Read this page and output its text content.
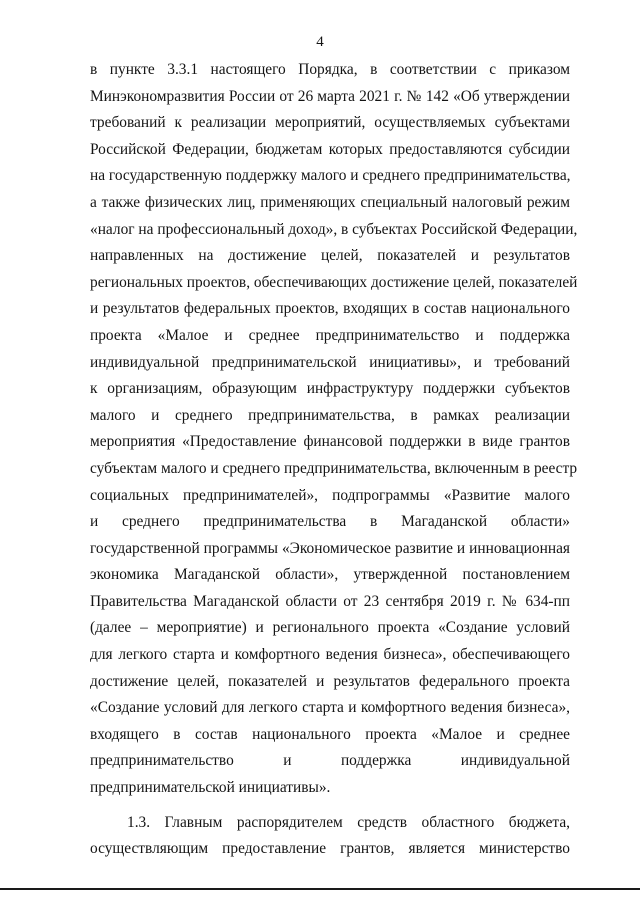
4
в пункте 3.3.1 настоящего Порядка, в соответствии с приказом
Минэкономразвития России от 26 марта 2021 г. № 142 «Об утверждении
требований к реализации мероприятий, осуществляемых субъектами
Российской Федерации, бюджетам которых предоставляются субсидии
на государственную поддержку малого и среднего предпринимательства,
а также физических лиц, применяющих специальный налоговый режим
«налог на профессиональный доход», в субъектах Российской Федерации,
направленных на достижение целей, показателей и результатов
региональных проектов, обеспечивающих достижение целей, показателей
и результатов федеральных проектов, входящих в состав национального
проекта «Малое и среднее предпринимательство и поддержка
индивидуальной предпринимательской инициативы», и требований
к организациям, образующим инфраструктуру поддержки субъектов
малого и среднего предпринимательства, в рамках реализации
мероприятия «Предоставление финансовой поддержки в виде грантов
субъектам малого и среднего предпринимательства, включенным в реестр
социальных предпринимателей», подпрограммы «Развитие малого
и среднего предпринимательства в Магаданской области»
государственной программы «Экономическое развитие и инновационная
экономика Магаданской области», утвержденной постановлением
Правительства Магаданской области от 23 сентября 2019 г. № 634-пп
(далее – мероприятие) и регионального проекта «Создание условий
для легкого старта и комфортного ведения бизнеса», обеспечивающего
достижение целей, показателей и результатов федерального проекта
«Создание условий для легкого старта и комфортного ведения бизнеса»,
входящего в состав национального проекта «Малое и среднее
предпринимательство и поддержка индивидуальной
предпринимательской инициативы».
1.3. Главным распорядителем средств областного бюджета,
осуществляющим предоставление грантов, является министерство
